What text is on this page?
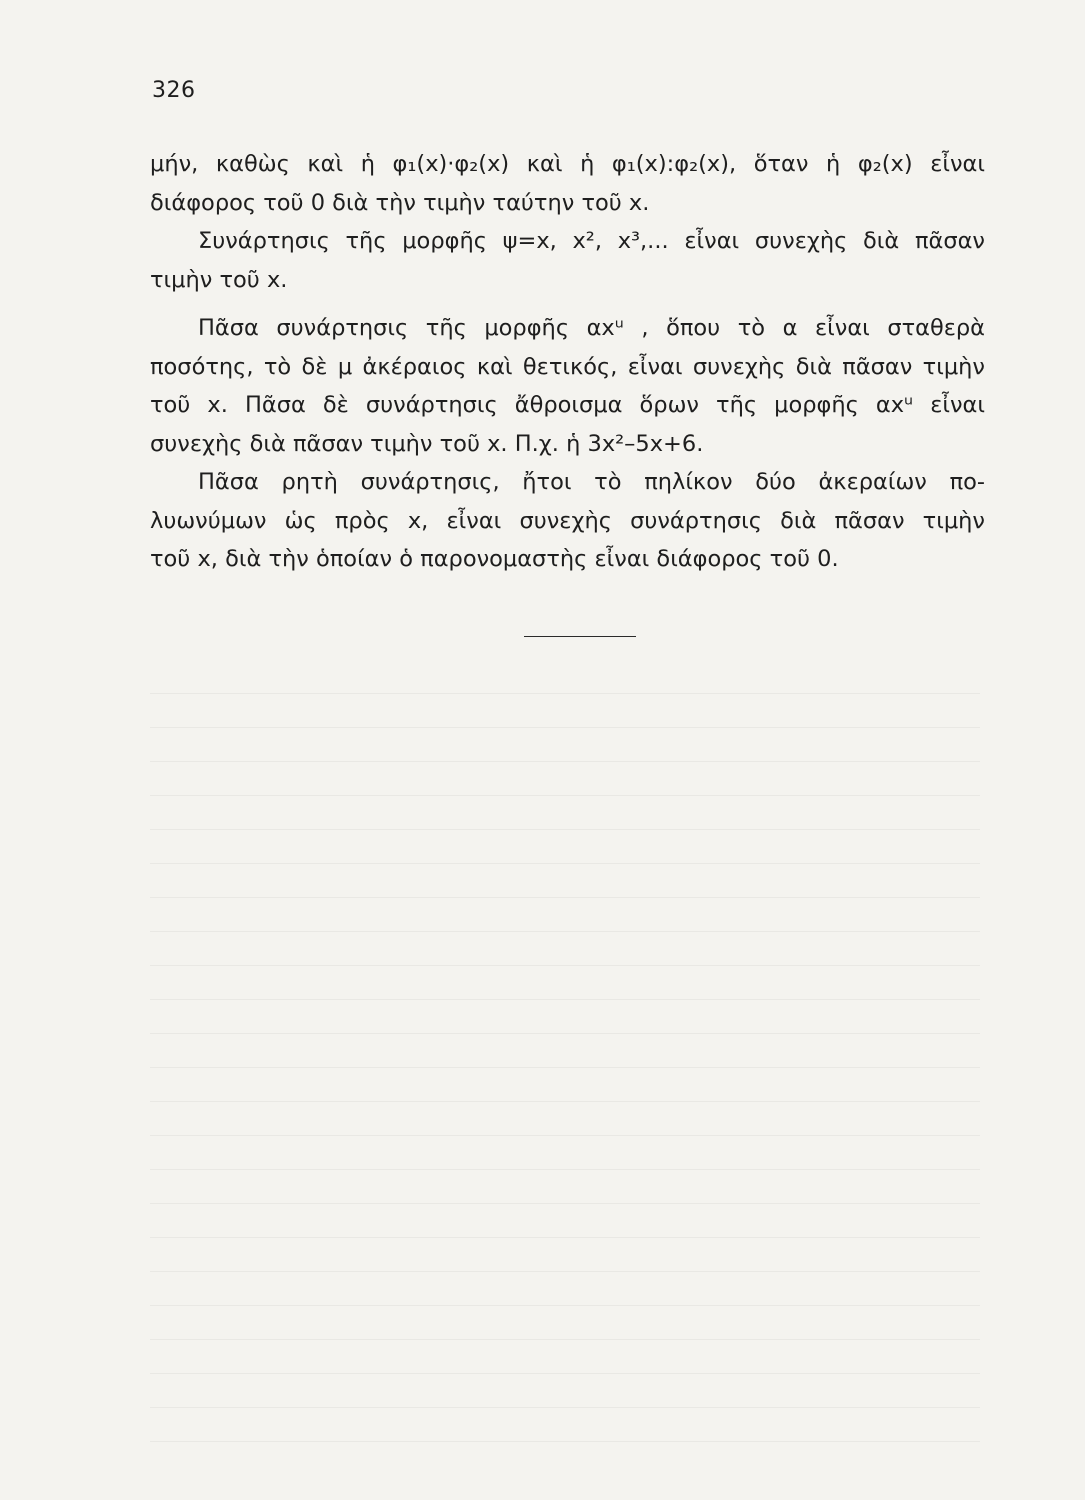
326

μήν, καθὼς καὶ ἡ φ₁(x)·φ₂(x) καὶ ἡ φ₁(x):φ₂(x), ὅταν ἡ φ₂(x) εἶναι

διάφορος τοῦ 0 διὰ τὴν τιμὴν ταύτην τοῦ x.

Συνάρτησις τῆς μορφῆς ψ=x, x², x³,... εἶναι συνεχὴς διὰ πᾶσαν

τιμὴν τοῦ x.

Πᾶσα συνάρτησις τῆς μορφῆς αxᵘ , ὅπου τὸ α εἶναι σταθερὰ

ποσότης, τὸ δὲ μ ἀκέραιος καὶ θετικός, εἶναι συνεχὴς διὰ πᾶσαν τιμὴν

τοῦ x. Πᾶσα δὲ συνάρτησις ἄθροισμα ὅρων τῆς μορφῆς αxᵘ εἶναι

συνεχὴς διὰ πᾶσαν τιμὴν τοῦ x. Π.χ. ἡ 3x²–5x+6.

Πᾶσα ρητὴ συνάρτησις, ἤτοι τὸ πηλίκον δύο ἀκεραίων πο-

λυωνύμων ὡς πρὸς x, εἶναι συνεχὴς συνάρτησις διὰ πᾶσαν τιμὴν

τοῦ x, διὰ τὴν ὁποίαν ὁ παρονομαστὴς εἶναι διάφορος τοῦ 0.
